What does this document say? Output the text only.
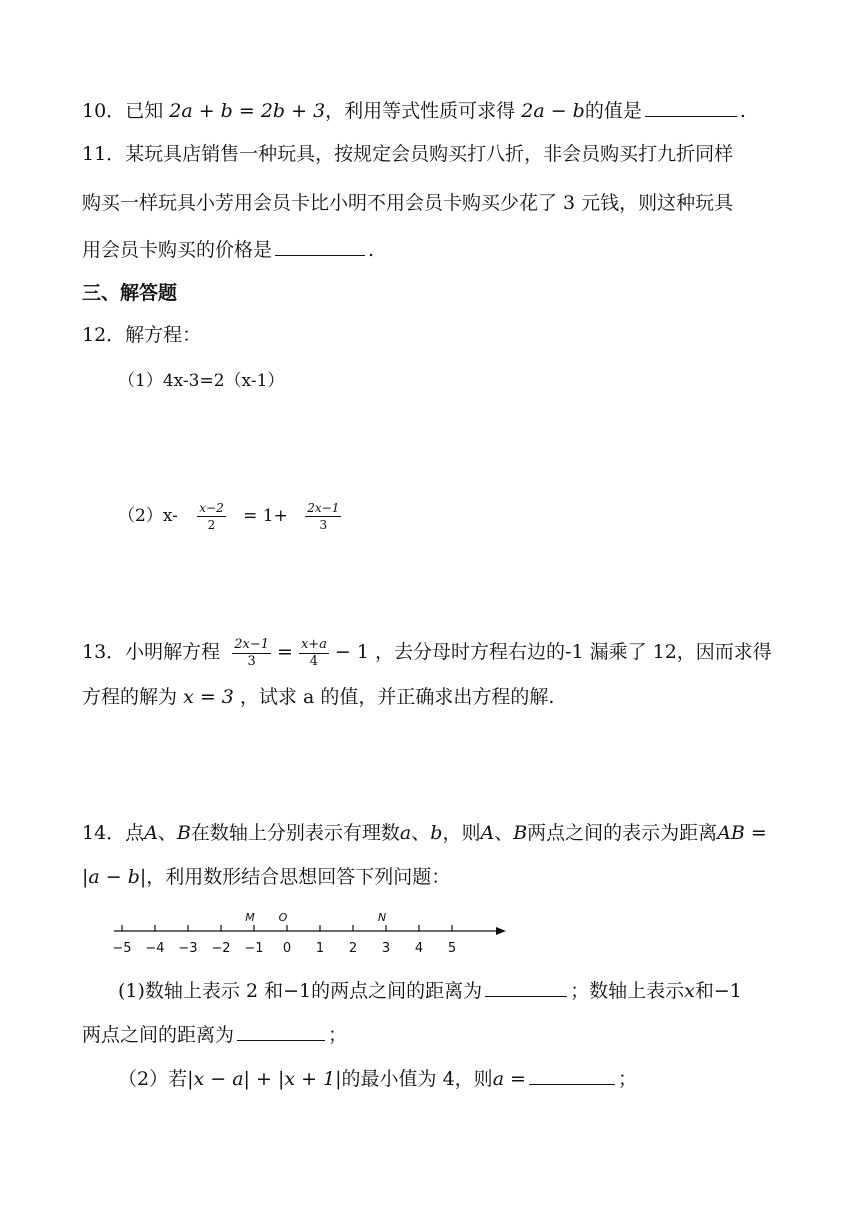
10．已知 2a + b = 2b + 3，利用等式性质可求得 2a − b的值是	.
11．某玩具店销售一种玩具，按规定会员购买打八折，非会员购买打九折同样
购买一样玩具小芳用会员卡比小明不用会员卡购买少花了 3 元钱，则这种玩具
用会员卡购买的价格是	.
三、解答题
12．解方程：
（1）4x-3=2（x-1）
$(2)x- \frac{x-2}{2} = 1+ \frac{2x-1}{3}$
13．小明解方程 $\frac{2x-1}{3} = \frac{x+a}{4} - 1$ ，去分母时方程右边的-1 漏乘了 12，因而求得
方程的解为 x = 3 ，试求 a 的值，并正确求出方程的解.
14．点A、B在数轴上分别表示有理数a、b，则A、B两点之间的表示为距离AB =
|a − b|，利用数形结合思想回答下列问题：
−5 −4 −3 −2 −1 0 1 2 3 4 5
M O	N
(1)数轴上表示 2 和−1的两点之间的距离为	；数轴上表示x和−1
两点之间的距离为	；
（2）若|x − a| + |x + 1|的最小值为 4，则a =	；
